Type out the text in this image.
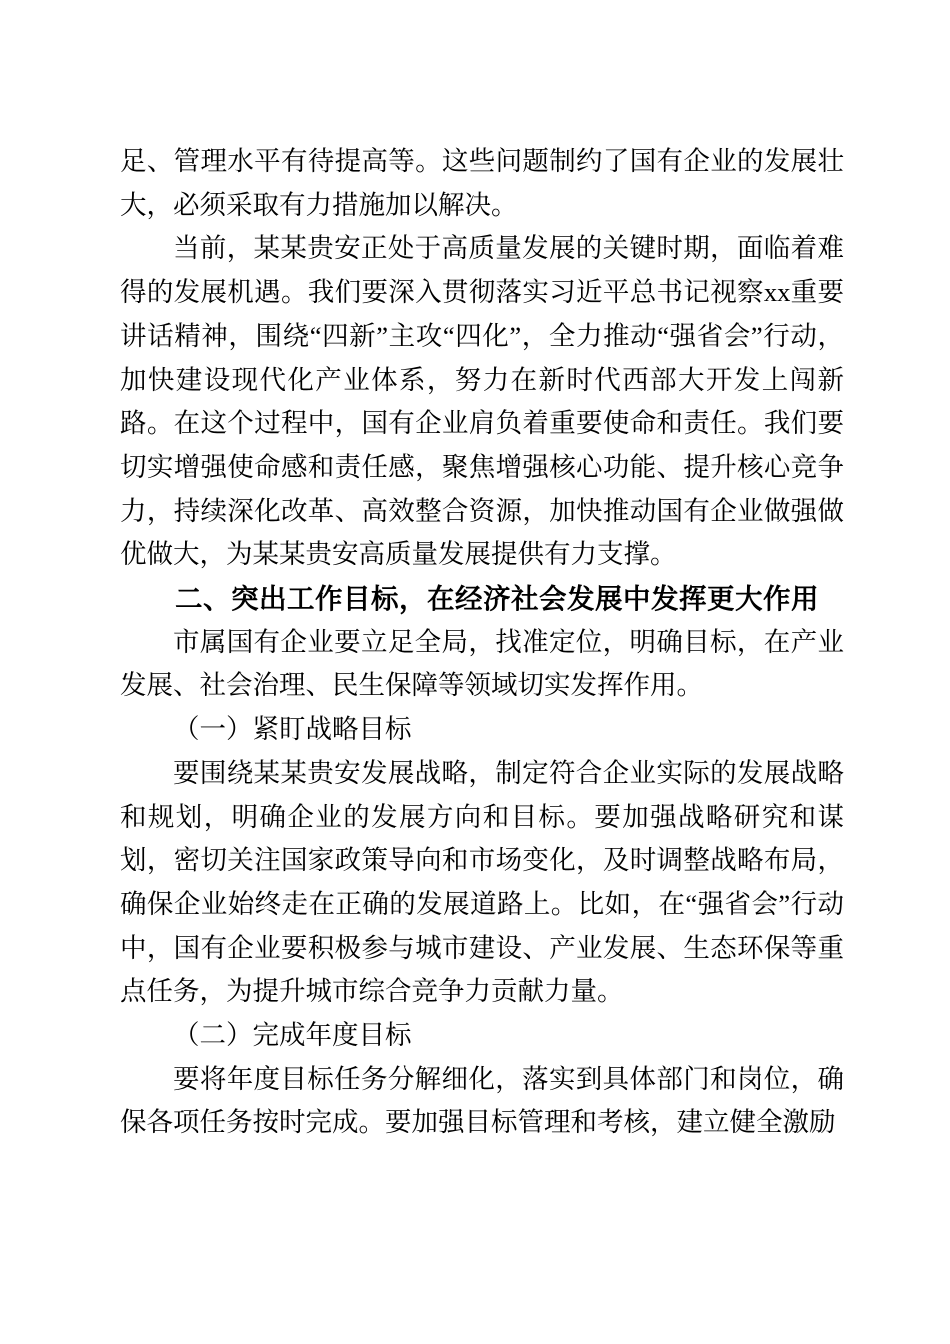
足、管理水平有待提高等。这些问题制约了国有企业的发展壮大，必须采取有力措施加以解决。

当前，某某贵安正处于高质量发展的关键时期，面临着难得的发展机遇。我们要深入贯彻落实习近平总书记视察xx重要讲话精神，围绕“四新”主攻“四化”，全力推动“强省会”行动，加快建设现代化产业体系，努力在新时代西部大开发上闯新路。在这个过程中，国有企业肩负着重要使命和责任。我们要切实增强使命感和责任感，聚焦增强核心功能、提升核心竞争力，持续深化改革、高效整合资源，加快推动国有企业做强做优做大，为某某贵安高质量发展提供有力支撑。

二、突出工作目标，在经济社会发展中发挥更大作用

市属国有企业要立足全局，找准定位，明确目标，在产业发展、社会治理、民生保障等领域切实发挥作用。

（一）紧盯战略目标

要围绕某某贵安发展战略，制定符合企业实际的发展战略和规划，明确企业的发展方向和目标。要加强战略研究和谋划，密切关注国家政策导向和市场变化，及时调整战略布局，确保企业始终走在正确的发展道路上。比如，在“强省会”行动中，国有企业要积极参与城市建设、产业发展、生态环保等重点任务，为提升城市综合竞争力贡献力量。

（二）完成年度目标

要将年度目标任务分解细化，落实到具体部门和岗位，确保各项任务按时完成。要加强目标管理和考核，建立健全激励
